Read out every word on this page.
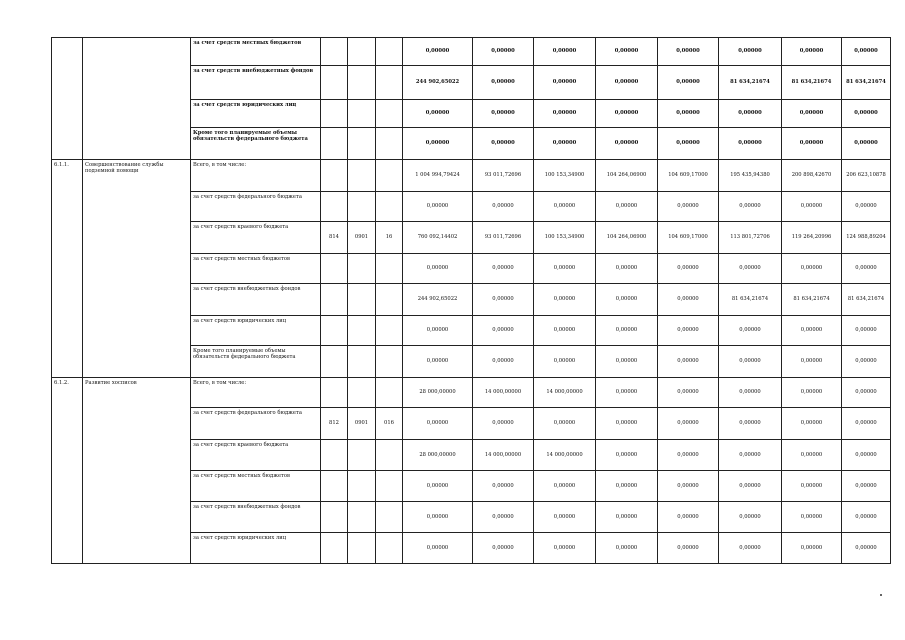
		за счет средств местных бюджетов				0,00000	0,00000	0,00000	0,00000	0,00000	0,00000	0,00000	0,00000
		за счет средств внебюджетных фондов				244 902,65022	0,00000	0,00000	0,00000	0,00000	81 634,21674	81 634,21674	81 634,21674
		за счет средств юридических лиц				0,00000	0,00000	0,00000	0,00000	0,00000	0,00000	0,00000	0,00000
		Кроме того планируемые объемы обязательств федерального бюджета				0,00000	0,00000	0,00000	0,00000	0,00000	0,00000	0,00000	0,00000
6.1.1.	Совершенствование службы подземной помощи	Всего, в том числе:				1 004 994,79424	93 011,72696	100 153,34900	104 264,06900	104 609,17000	195 435,94380	200 898,42670	206 623,10878
		за счет средств федерального бюджета				0,00000	0,00000	0,00000	0,00000	0,00000	0,00000	0,00000	0,00000
		за счет средств краевого бюджета	814	0901	16	760 092,14402	93 011,72696	100 153,34900	104 264,06900	104 609,17000	113 801,72706	119 264,20996	124 988,89204
		за счет средств местных бюджетов				0,00000	0,00000	0,00000	0,00000	0,00000	0,00000	0,00000	0,00000
		за счет средств внебюджетных фондов				244 902,65022	0,00000	0,00000	0,00000	0,00000	81 634,21674	81 634,21674	81 634,21674
		за счет средств юридических лиц				0,00000	0,00000	0,00000	0,00000	0,00000	0,00000	0,00000	0,00000
		Кроме того планируемые объемы обязательств федерального бюджета				0,00000	0,00000	0,00000	0,00000	0,00000	0,00000	0,00000	0,00000
6.1.2.	Развитие хосписов	Всего, в том числе:				28 000,00000	14 000,00000	14 000,00000	0,00000	0,00000	0,00000	0,00000	0,00000
		за счет средств федерального бюджета	812	0901	016	0,00000	0,00000	0,00000	0,00000	0,00000	0,00000	0,00000	0,00000
		за счет средств краевого бюджета				28 000,00000	14 000,00000	14 000,00000	0,00000	0,00000	0,00000	0,00000	0,00000
		за счет средств местных бюджетов				0,00000	0,00000	0,00000	0,00000	0,00000	0,00000	0,00000	0,00000
		за счет средств внебюджетных фондов				0,00000	0,00000	0,00000	0,00000	0,00000	0,00000	0,00000	0,00000
		за счет средств юридических лиц				0,00000	0,00000	0,00000	0,00000	0,00000	0,00000	0,00000	0,00000
